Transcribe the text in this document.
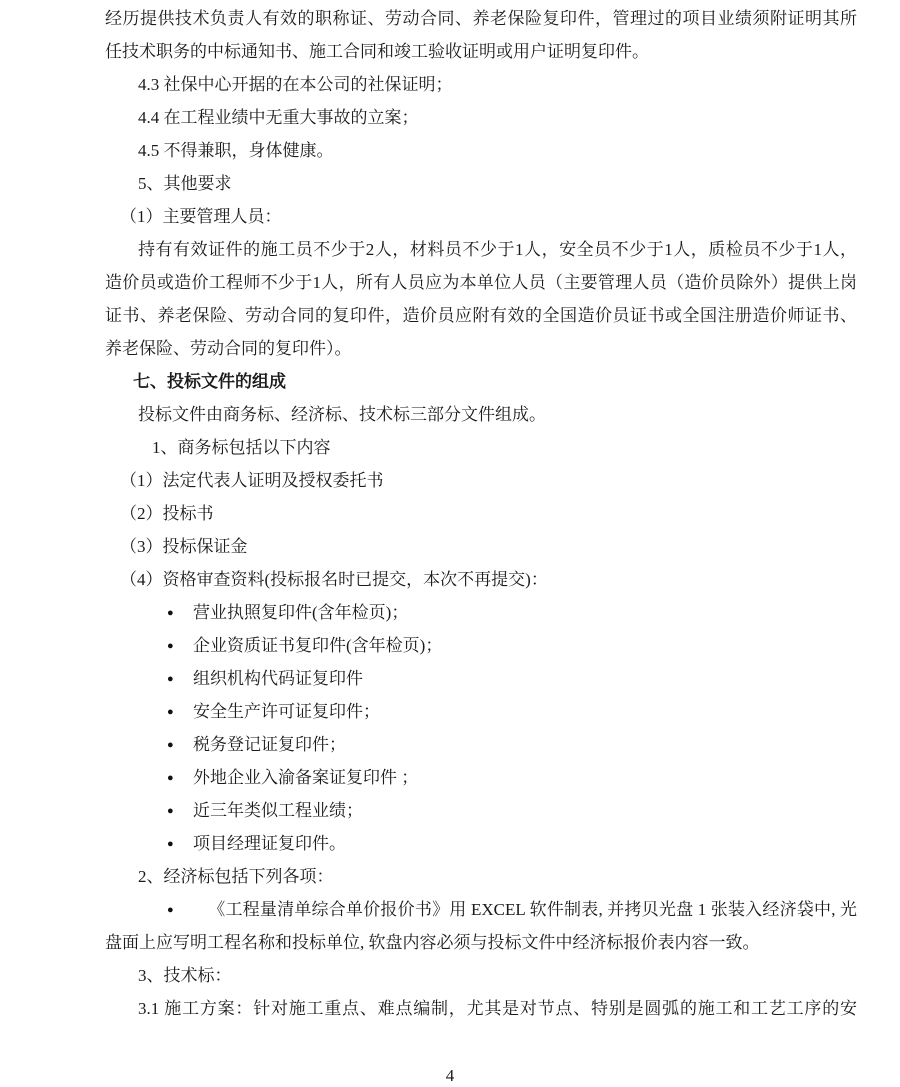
经历提供技术负责人有效的职称证、劳动合同、养老保险复印件，管理过的项目业绩须附证明其所
任技术职务的中标通知书、施工合同和竣工验收证明或用户证明复印件。
4.3 社保中心开据的在本公司的社保证明；
4.4 在工程业绩中无重大事故的立案；
4.5 不得兼职，身体健康。
5、其他要求
（1）主要管理人员：
持有有效证件的施工员不少于2人，材料员不少于1人，安全员不少于1人，质检员不少于1人，
造价员或造价工程师不少于1人，所有人员应为本单位人员（主要管理人员（造价员除外）提供上岗
证书、养老保险、劳动合同的复印件，造价员应附有效的全国造价员证书或全国注册造价师证书、
养老保险、劳动合同的复印件）。
七、投标文件的组成
投标文件由商务标、经济标、技术标三部分文件组成。
1、商务标包括以下内容
（1）法定代表人证明及授权委托书
（2）投标书
（3）投标保证金
（4）资格审查资料(投标报名时已提交，本次不再提交)：
● 营业执照复印件(含年检页)；
● 企业资质证书复印件(含年检页)；
● 组织机构代码证复印件
● 安全生产许可证复印件；
● 税务登记证复印件；
● 外地企业入渝备案证复印件 ；
● 近三年类似工程业绩；
● 项目经理证复印件。
2、经济标包括下列各项：
● 《工程量清单综合单价报价书》用 EXCEL 软件制表, 并拷贝光盘 1 张装入经济袋中, 光
盘面上应写明工程名称和投标单位, 软盘内容必须与投标文件中经济标报价表内容一致。
3、技术标：
3.1 施工方案：针对施工重点、难点编制，尤其是对节点、特别是圆弧的施工和工艺工序的安
4
